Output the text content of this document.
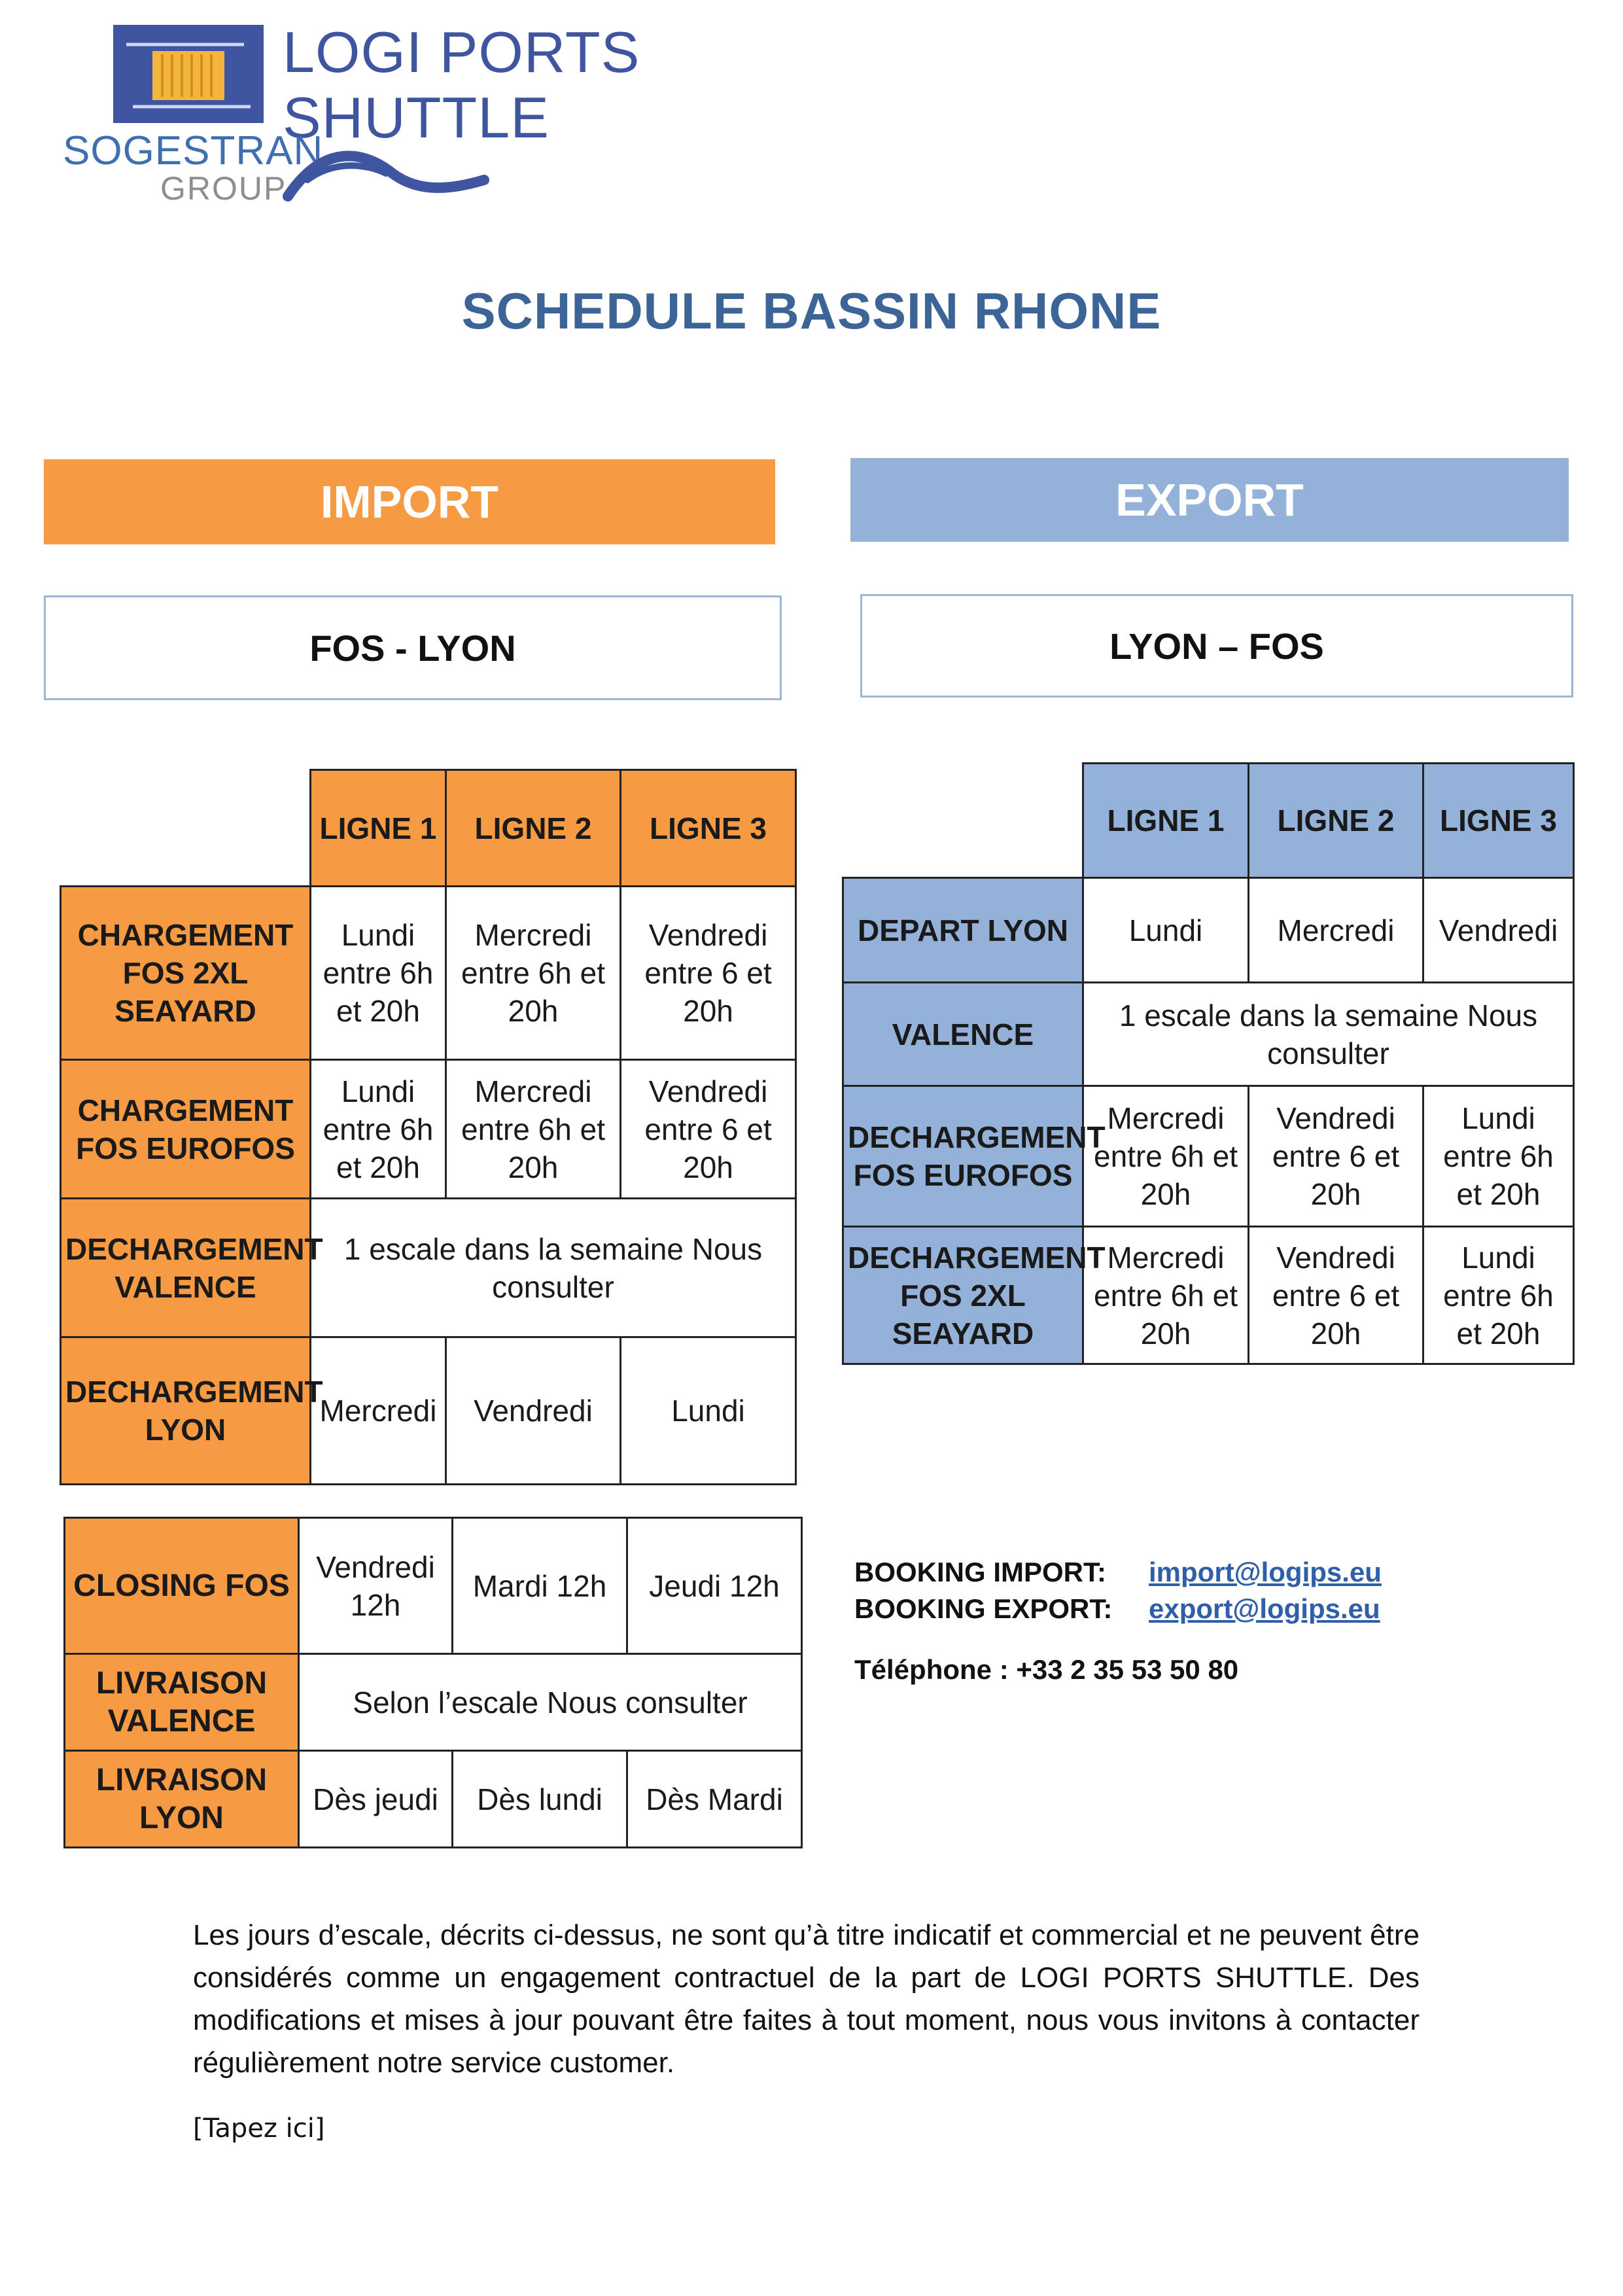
LOGI PORTS
SHUTTLE
SOGESTRAN
GROUP
SCHEDULE BASSIN RHONE
IMPORT	EXPORT
FOS - LYON	LYON – FOS
	LIGNE 1	LIGNE 2	LIGNE 3
CHARGEMENT FOS 2XL SEAYARD	Lundi entre 6h et 20h	Mercredi entre 6h et 20h	Vendredi entre 6 et 20h
CHARGEMENT FOS EUROFOS	Lundi entre 6h et 20h	Mercredi entre 6h et 20h	Vendredi entre 6 et 20h
DECHARGEMENT VALENCE	1 escale dans la semaine Nous consulter		
DECHARGEMENT LYON	Mercredi	Vendredi	Lundi
	LIGNE 1	LIGNE 2	LIGNE 3
DEPART LYON	Lundi	Mercredi	Vendredi
VALENCE	1 escale dans la semaine Nous consulter		
DECHARGEMENT FOS EUROFOS	Mercredi entre 6h et 20h	Vendredi entre 6 et 20h	Lundi entre 6h et 20h
DECHARGEMENT FOS 2XL SEAYARD	Mercredi entre 6h et 20h	Vendredi entre 6 et 20h	Lundi entre 6h et 20h
CLOSING FOS	Vendredi 12h	Mardi 12h	Jeudi 12h
LIVRAISON VALENCE	Selon l’escale Nous consulter		
LIVRAISON LYON	Dès jeudi	Dès lundi	Dès Mardi
BOOKING IMPORT:	import@logips.eu
BOOKING EXPORT:	export@logips.eu
Téléphone : +33 2 35 53 50 80
Les jours d’escale, décrits ci-dessus, ne sont qu’à titre indicatif et commercial et ne peuvent être considérés comme un engagement contractuel de la part de LOGI PORTS SHUTTLE. Des modifications et mises à jour pouvant être faites à tout moment, nous vous invitons à contacter régulièrement notre service customer.
[Tapez ici]
